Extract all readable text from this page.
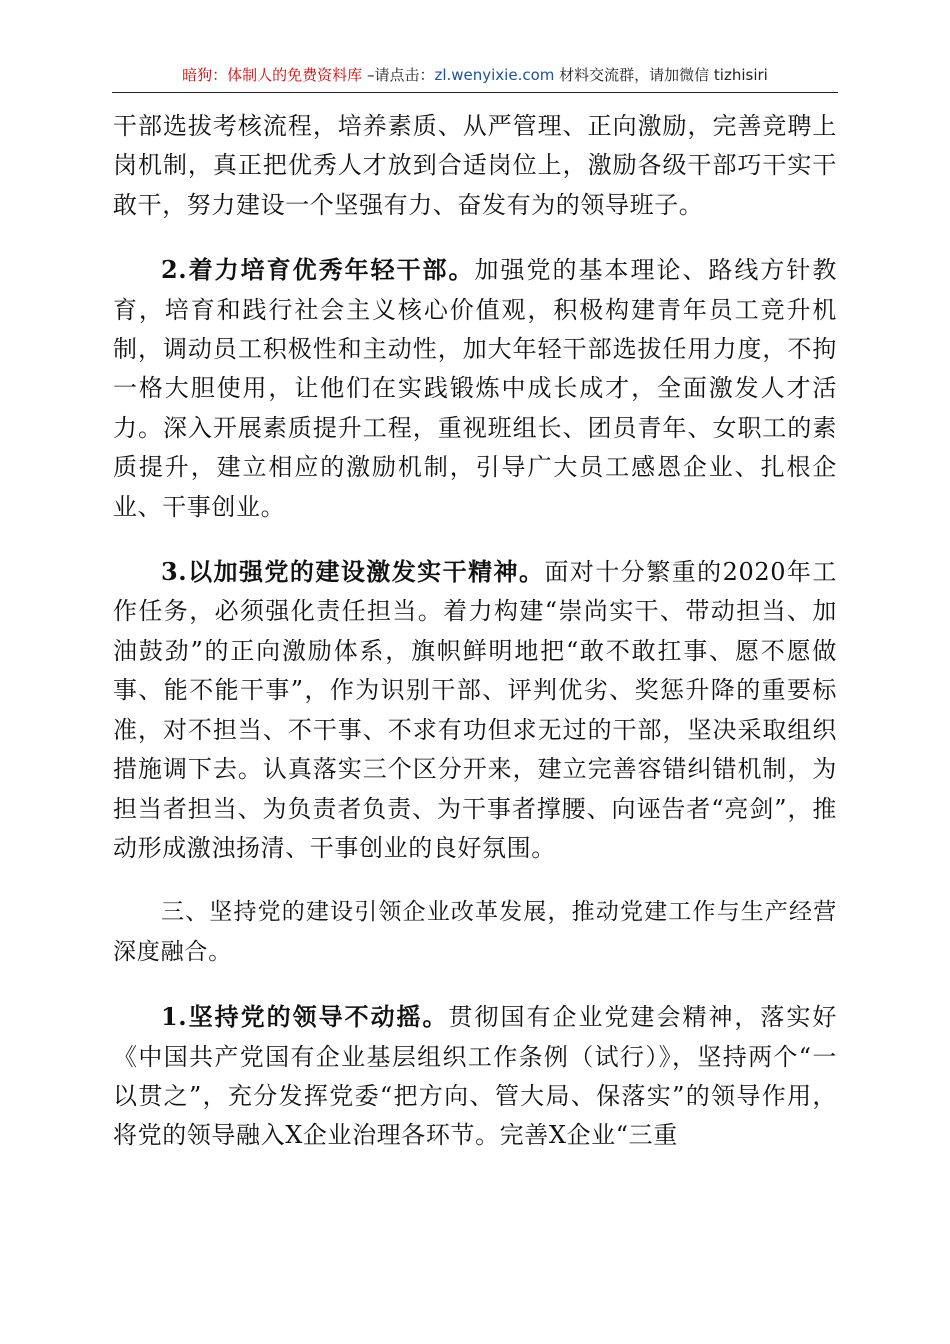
暗狗：体制人的免费资料库 –请点击：zl.wenyixie.com 材料交流群，请加微信 tizhisiri

干部选拔考核流程，培养素质、从严管理、正向激励，完善竞聘上岗机制，真正把优秀人才放到合适岗位上，激励各级干部巧干实干敢干，努力建设一个坚强有力、奋发有为的领导班子。

2.着力培育优秀年轻干部。加强党的基本理论、路线方针教育，培育和践行社会主义核心价值观，积极构建青年员工竞升机制，调动员工积极性和主动性，加大年轻干部选拔任用力度，不拘一格大胆使用，让他们在实践锻炼中成长成才，全面激发人才活力。深入开展素质提升工程，重视班组长、团员青年、女职工的素质提升，建立相应的激励机制，引导广大员工感恩企业、扎根企业、干事创业。

3.以加强党的建设激发实干精神。面对十分繁重的2020年工作任务，必须强化责任担当。着力构建“崇尚实干、带动担当、加油鼓劲”的正向激励体系，旗帜鲜明地把“敢不敢扛事、愿不愿做事、能不能干事”，作为识别干部、评判优劣、奖惩升降的重要标准，对不担当、不干事、不求有功但求无过的干部，坚决采取组织措施调下去。认真落实三个区分开来，建立完善容错纠错机制，为担当者担当、为负责者负责、为干事者撑腰、向诬告者“亮剑”，推动形成激浊扬清、干事创业的良好氛围。

三、坚持党的建设引领企业改革发展，推动党建工作与生产经营深度融合。

1.坚持党的领导不动摇。贯彻国有企业党建会精神，落实好《中国共产党国有企业基层组织工作条例（试行）》，坚持两个“一以贯之”，充分发挥党委“把方向、管大局、保落实”的领导作用，将党的领导融入X企业治理各环节。完善X企业“三重
